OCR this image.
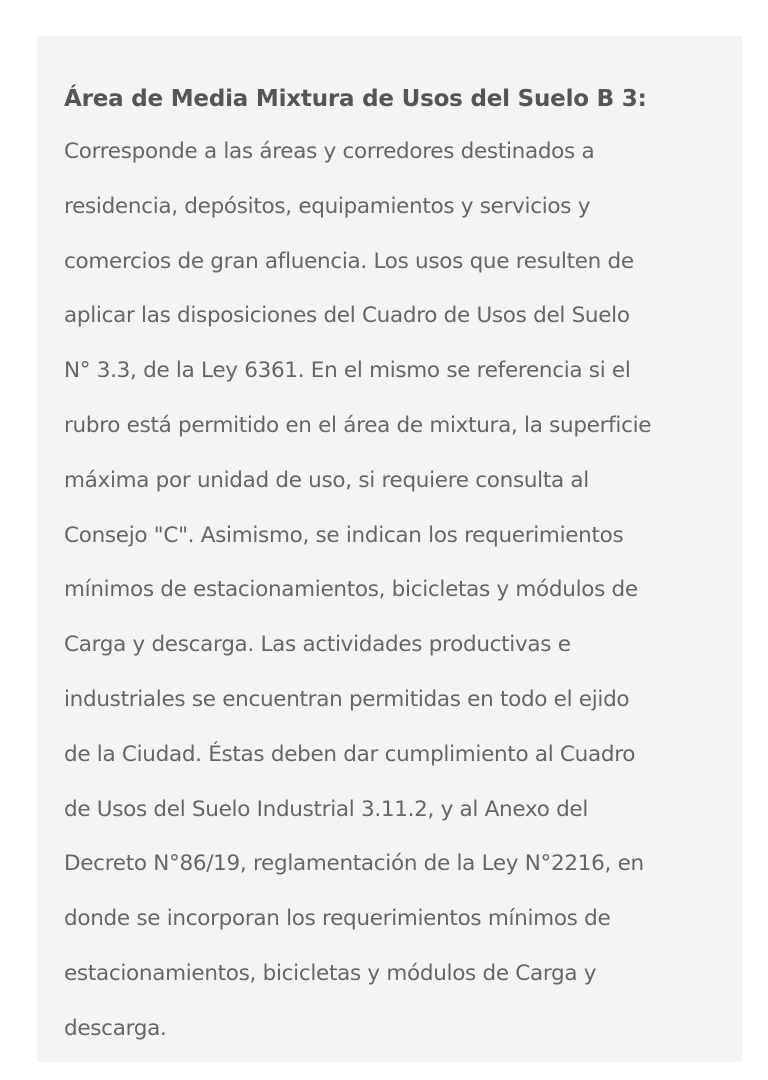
Área de Media Mixtura de Usos del Suelo B 3:

Corresponde a las áreas y corredores destinados a
residencia, depósitos, equipamientos y servicios y
comercios de gran afluencia. Los usos que resulten de
aplicar las disposiciones del Cuadro de Usos del Suelo
N° 3.3, de la Ley 6361. En el mismo se referencia si el
rubro está permitido en el área de mixtura, la superficie
máxima por unidad de uso, si requiere consulta al
Consejo "C". Asimismo, se indican los requerimientos
mínimos de estacionamientos, bicicletas y módulos de
Carga y descarga. Las actividades productivas e
industriales se encuentran permitidas en todo el ejido
de la Ciudad. Éstas deben dar cumplimiento al Cuadro
de Usos del Suelo Industrial 3.11.2, y al Anexo del
Decreto N°86/19, reglamentación de la Ley N°2216, en
donde se incorporan los requerimientos mínimos de
estacionamientos, bicicletas y módulos de Carga y
descarga.
